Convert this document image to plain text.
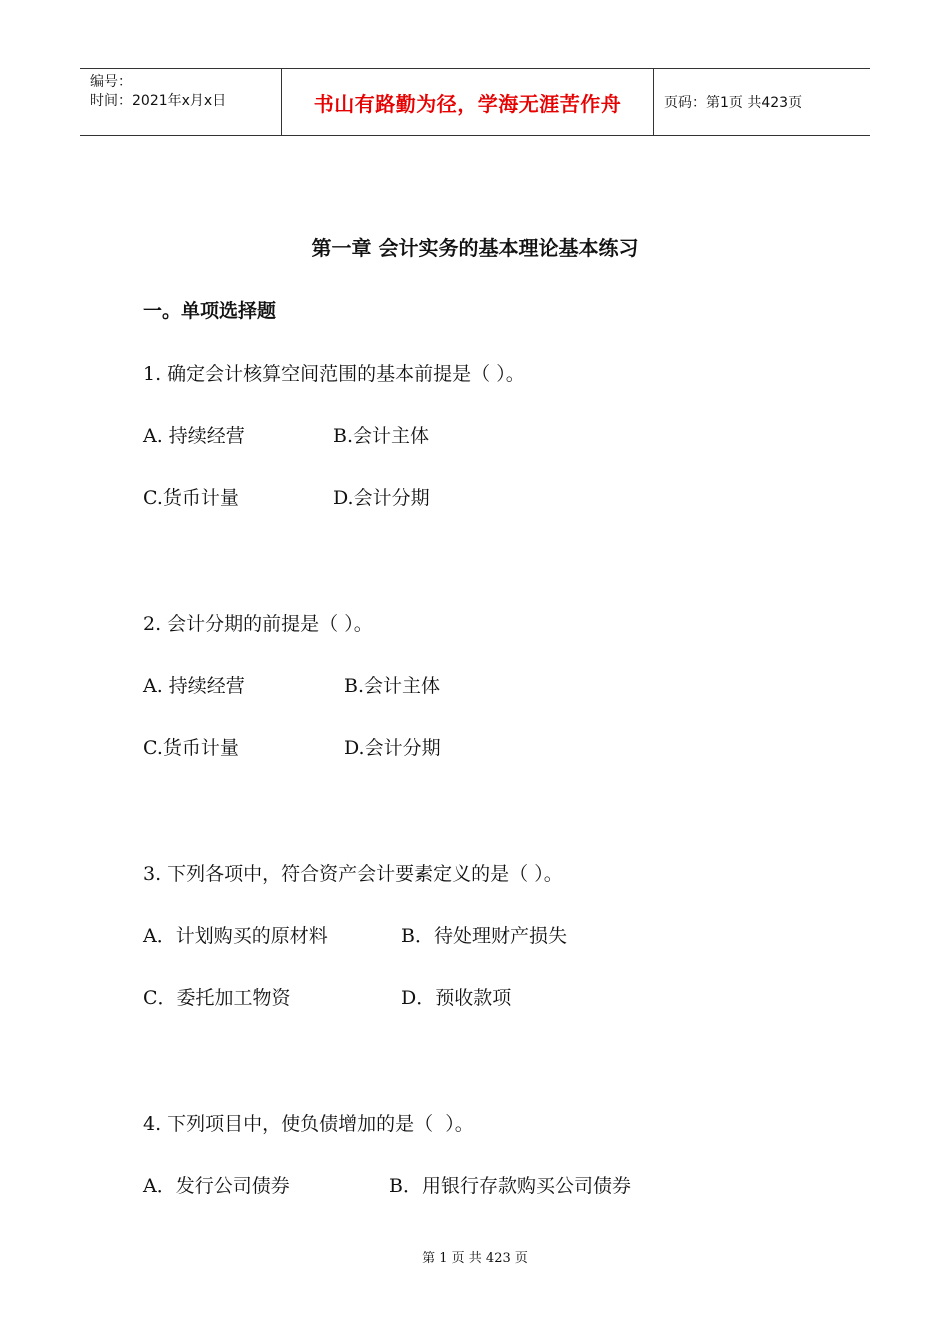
编号：
时间：2021年x月x日	书山有路勤为径，学海无涯苦作舟	页码：第1页 共423页
第一章 会计实务的基本理论基本练习
一。单项选择题
1. 确定会计核算空间范围的基本前提是（ ）。
A. 持续经营	B.会计主体
C.货币计量	D.会计分期
2. 会计分期的前提是（ ）。
A. 持续经营	B.会计主体
C.货币计量	D.会计分期
3. 下列各项中，符合资产会计要素定义的是（ ）。
A．计划购买的原材料	B．待处理财产损失
C．委托加工物资	D．预收款项
4. 下列项目中，使负债增加的是（  ）。
A．发行公司债券	B．用银行存款购买公司债券
第 1 页 共 423 页
